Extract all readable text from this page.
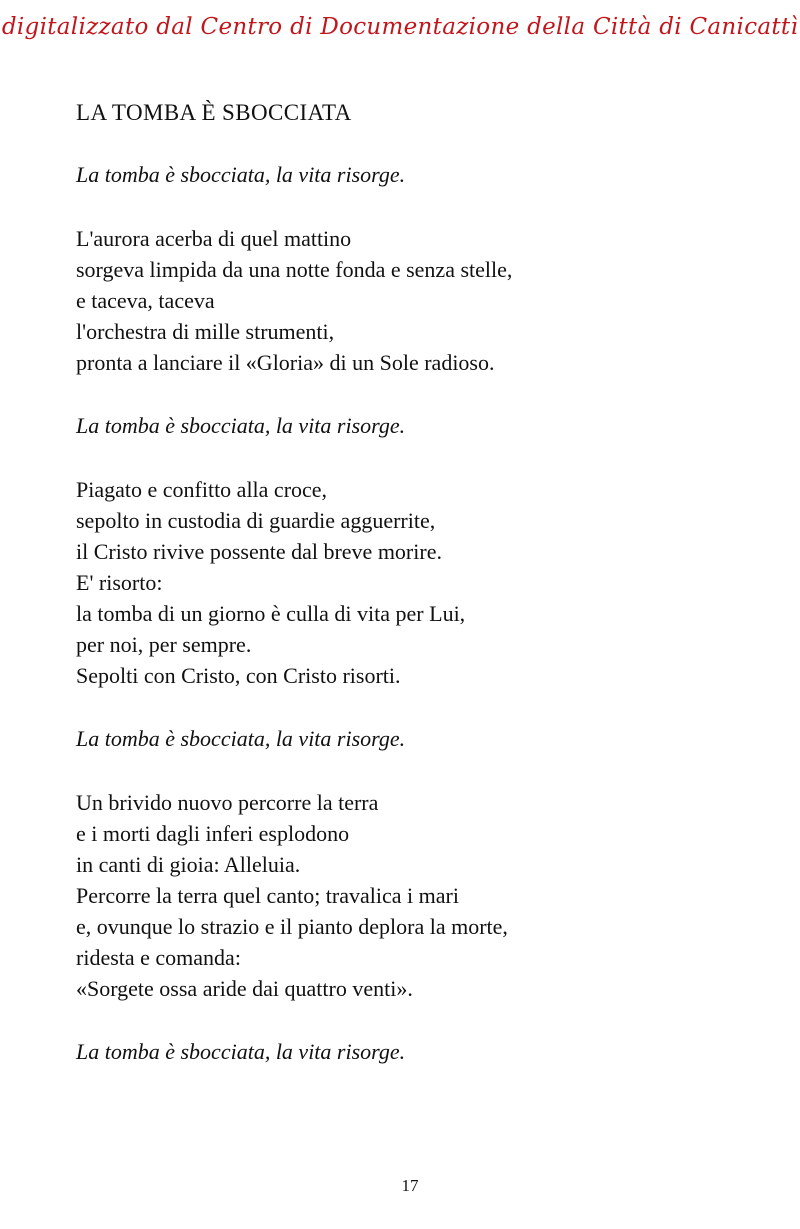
digitalizzato dal Centro di Documentazione della Città di Canicattì
LA TOMBA È SBOCCIATA
La tomba è sbocciata, la vita risorge.
L'aurora acerba di quel mattino
sorgeva limpida da una notte fonda e senza stelle,
e taceva, taceva
l'orchestra di mille strumenti,
pronta a lanciare il «Gloria» di un Sole radioso.
La tomba è sbocciata, la vita risorge.
Piagato e confitto alla croce,
sepolto in custodia di guardie agguerrite,
il Cristo rivive possente dal breve morire.
E' risorto:
la tomba di un giorno è culla di vita per Lui,
per noi, per sempre.
Sepolti con Cristo, con Cristo risorti.
La tomba è sbocciata, la vita risorge.
Un brivido nuovo percorre la terra
e i morti dagli inferi esplodono
in canti di gioia: Alleluia.
Percorre la terra quel canto; travalica i mari
e, ovunque lo strazio e il pianto deplora la morte,
ridesta e comanda:
«Sorgete ossa aride dai quattro venti».
La tomba è sbocciata, la vita risorge.
17
